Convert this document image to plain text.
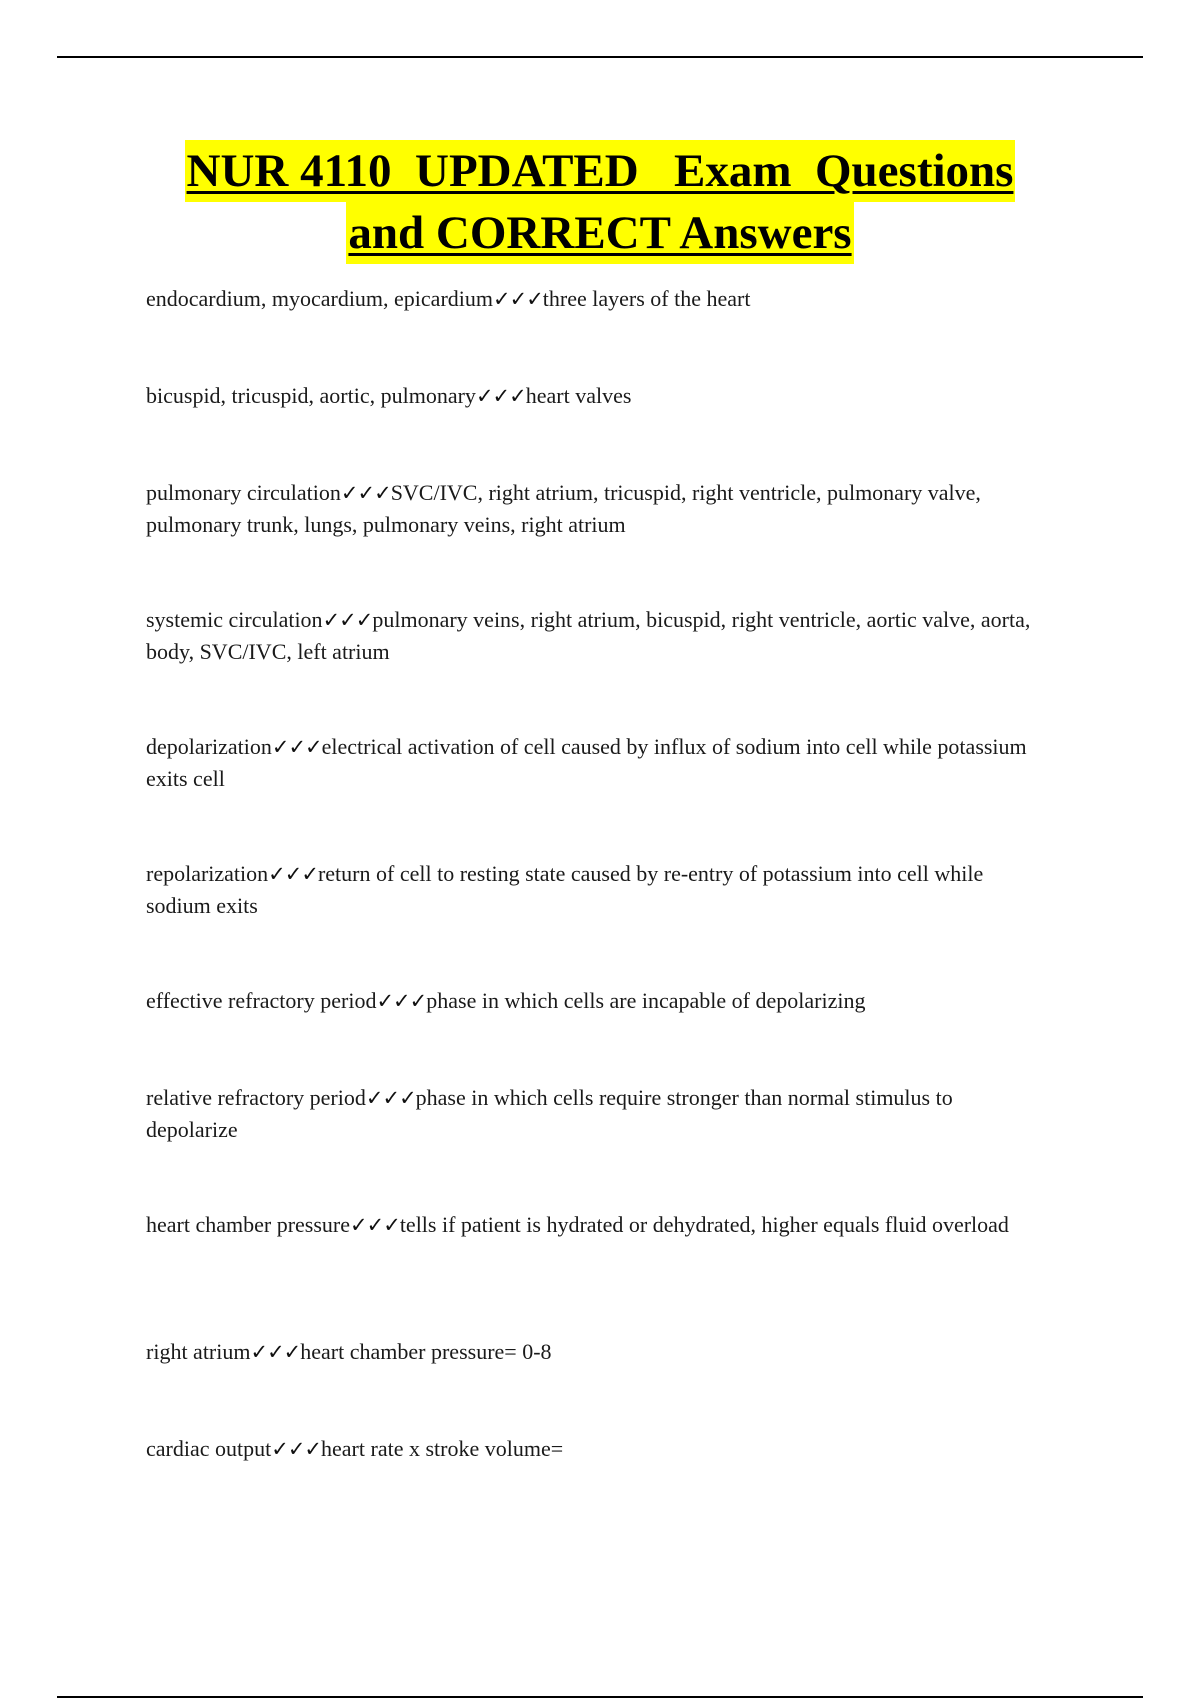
NUR 4110  UPDATED   Exam  Questions
and CORRECT Answers

endocardium, myocardium, epicardium✓✓✓three layers of the heart

bicuspid, tricuspid, aortic, pulmonary✓✓✓heart valves

pulmonary circulation✓✓✓SVC/IVC, right atrium, tricuspid, right ventricle, pulmonary valve, pulmonary trunk, lungs, pulmonary veins, right atrium

systemic circulation✓✓✓pulmonary veins, right atrium, bicuspid, right ventricle, aortic valve, aorta, body, SVC/IVC, left atrium

depolarization✓✓✓electrical activation of cell caused by influx of sodium into cell while potassium exits cell

repolarization✓✓✓return of cell to resting state caused by re-entry of potassium into cell while sodium exits

effective refractory period✓✓✓phase in which cells are incapable of depolarizing

relative refractory period✓✓✓phase in which cells require stronger than normal stimulus to depolarize

heart chamber pressure✓✓✓tells if patient is hydrated or dehydrated, higher equals fluid overload

right atrium✓✓✓heart chamber pressure= 0-8

cardiac output✓✓✓heart rate x stroke volume=
